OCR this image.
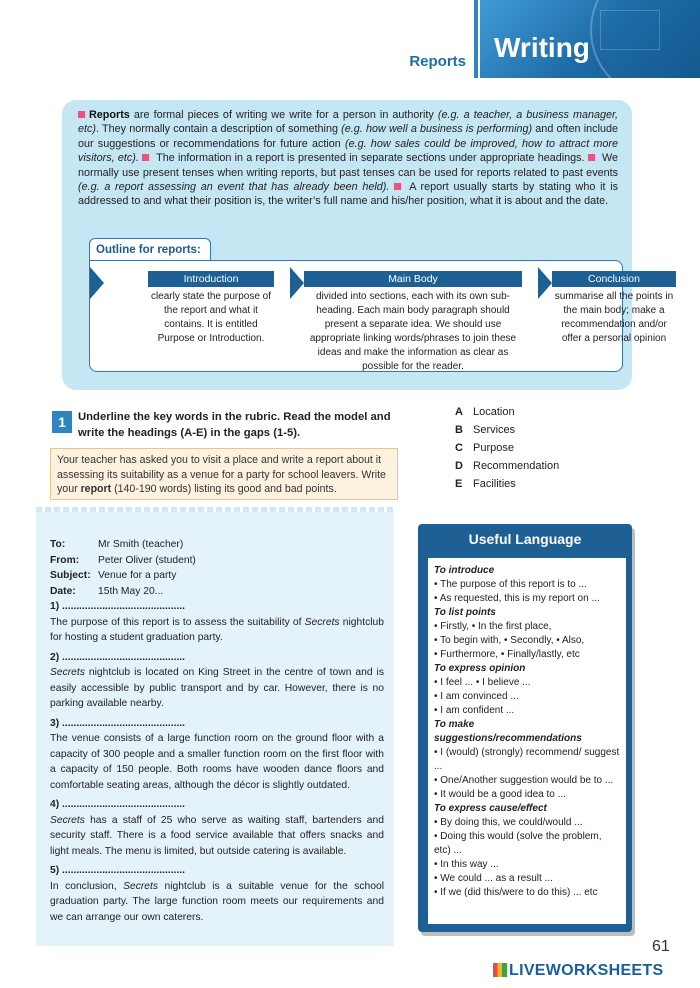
Reports Writing
Reports are formal pieces of writing we write for a person in authority (e.g. a teacher, a business manager, etc). They normally contain a description of something (e.g. how well a business is performing) and often include our suggestions or recommendations for future action (e.g. how sales could be improved, how to attract more visitors, etc).  The information in a report is presented in separate sections under appropriate headings.  We normally use present tenses when writing reports, but past tenses can be used for reports related to past events (e.g. a report assessing an event that has already been held).  A report usually starts by stating who it is addressed to and what their position is, the writer’s full name and his/her position, what it is about and the date.
Outline for reports:
Introduction
clearly state the purpose of the report and what it contains. It is entitled Purpose or Introduction.
Main Body
divided into sections, each with its own sub-heading. Each main body paragraph should present a separate idea. We should use appropriate linking words/phrases to join these ideas and make the information as clear as possible for the reader.
Conclusion
summarise all the points in the main body; make a recommendation and/or offer a personal opinion
1	Underline the key words in the rubric. Read the model and write the headings (A-E) in the gaps (1-5).
Your teacher has asked you to visit a place and write a report about it assessing its suitability as a venue for a party for school leavers. Write your report (140-190 words) listing its good and bad points.
A Location
B Services
C Purpose
D Recommendation
E Facilities
To:	Mr Smith (teacher)
From:	Peter Oliver (student)
Subject: Venue for a party
Date:	15th May 20...
1) ...........................................

The purpose of this report is to assess the suitability of Secrets nightclub for hosting a student graduation party.

2) ...........................................

Secrets nightclub is located on King Street in the centre of town and is easily accessible by public transport and by car. However, there is no parking available nearby.

3) ...........................................

The venue consists of a large function room on the ground floor with a capacity of 300 people and a smaller function room on the first floor with a capacity of 150 people. Both rooms have wooden dance floors and comfortable seating areas, although the décor is slightly outdated.

4) ...........................................

Secrets has a staff of 25 who serve as waiting staff, bartenders and security staff. There is a food service available that offers snacks and light meals. The menu is limited, but outside catering is available.

5) ...........................................

In conclusion, Secrets nightclub is a suitable venue for the school graduation party. The large function room meets our requirements and we can arrange our own caterers.

Useful Language
To introduce
• The purpose of this report is to ...
• As requested, this is my report on ...
To list points
• Firstly, • In the first place,
• To begin with, • Secondly, • Also,
• Furthermore, • Finally/lastly, etc
To express opinion
• I feel ... • I believe ...
• I am convinced ...
• I am confident ...
To make suggestions/recommendations
• I (would) (strongly) recommend/ suggest ...
• One/Another suggestion would be to ...
• It would be a good idea to ...
To express cause/effect
• By doing this, we could/would ...
• Doing this would (solve the problem, etc) ...
• In this way ...
• We could ... as a result ...
• If we (did this/were to do this) ... etc
61
LIVEWORKSHEETS
